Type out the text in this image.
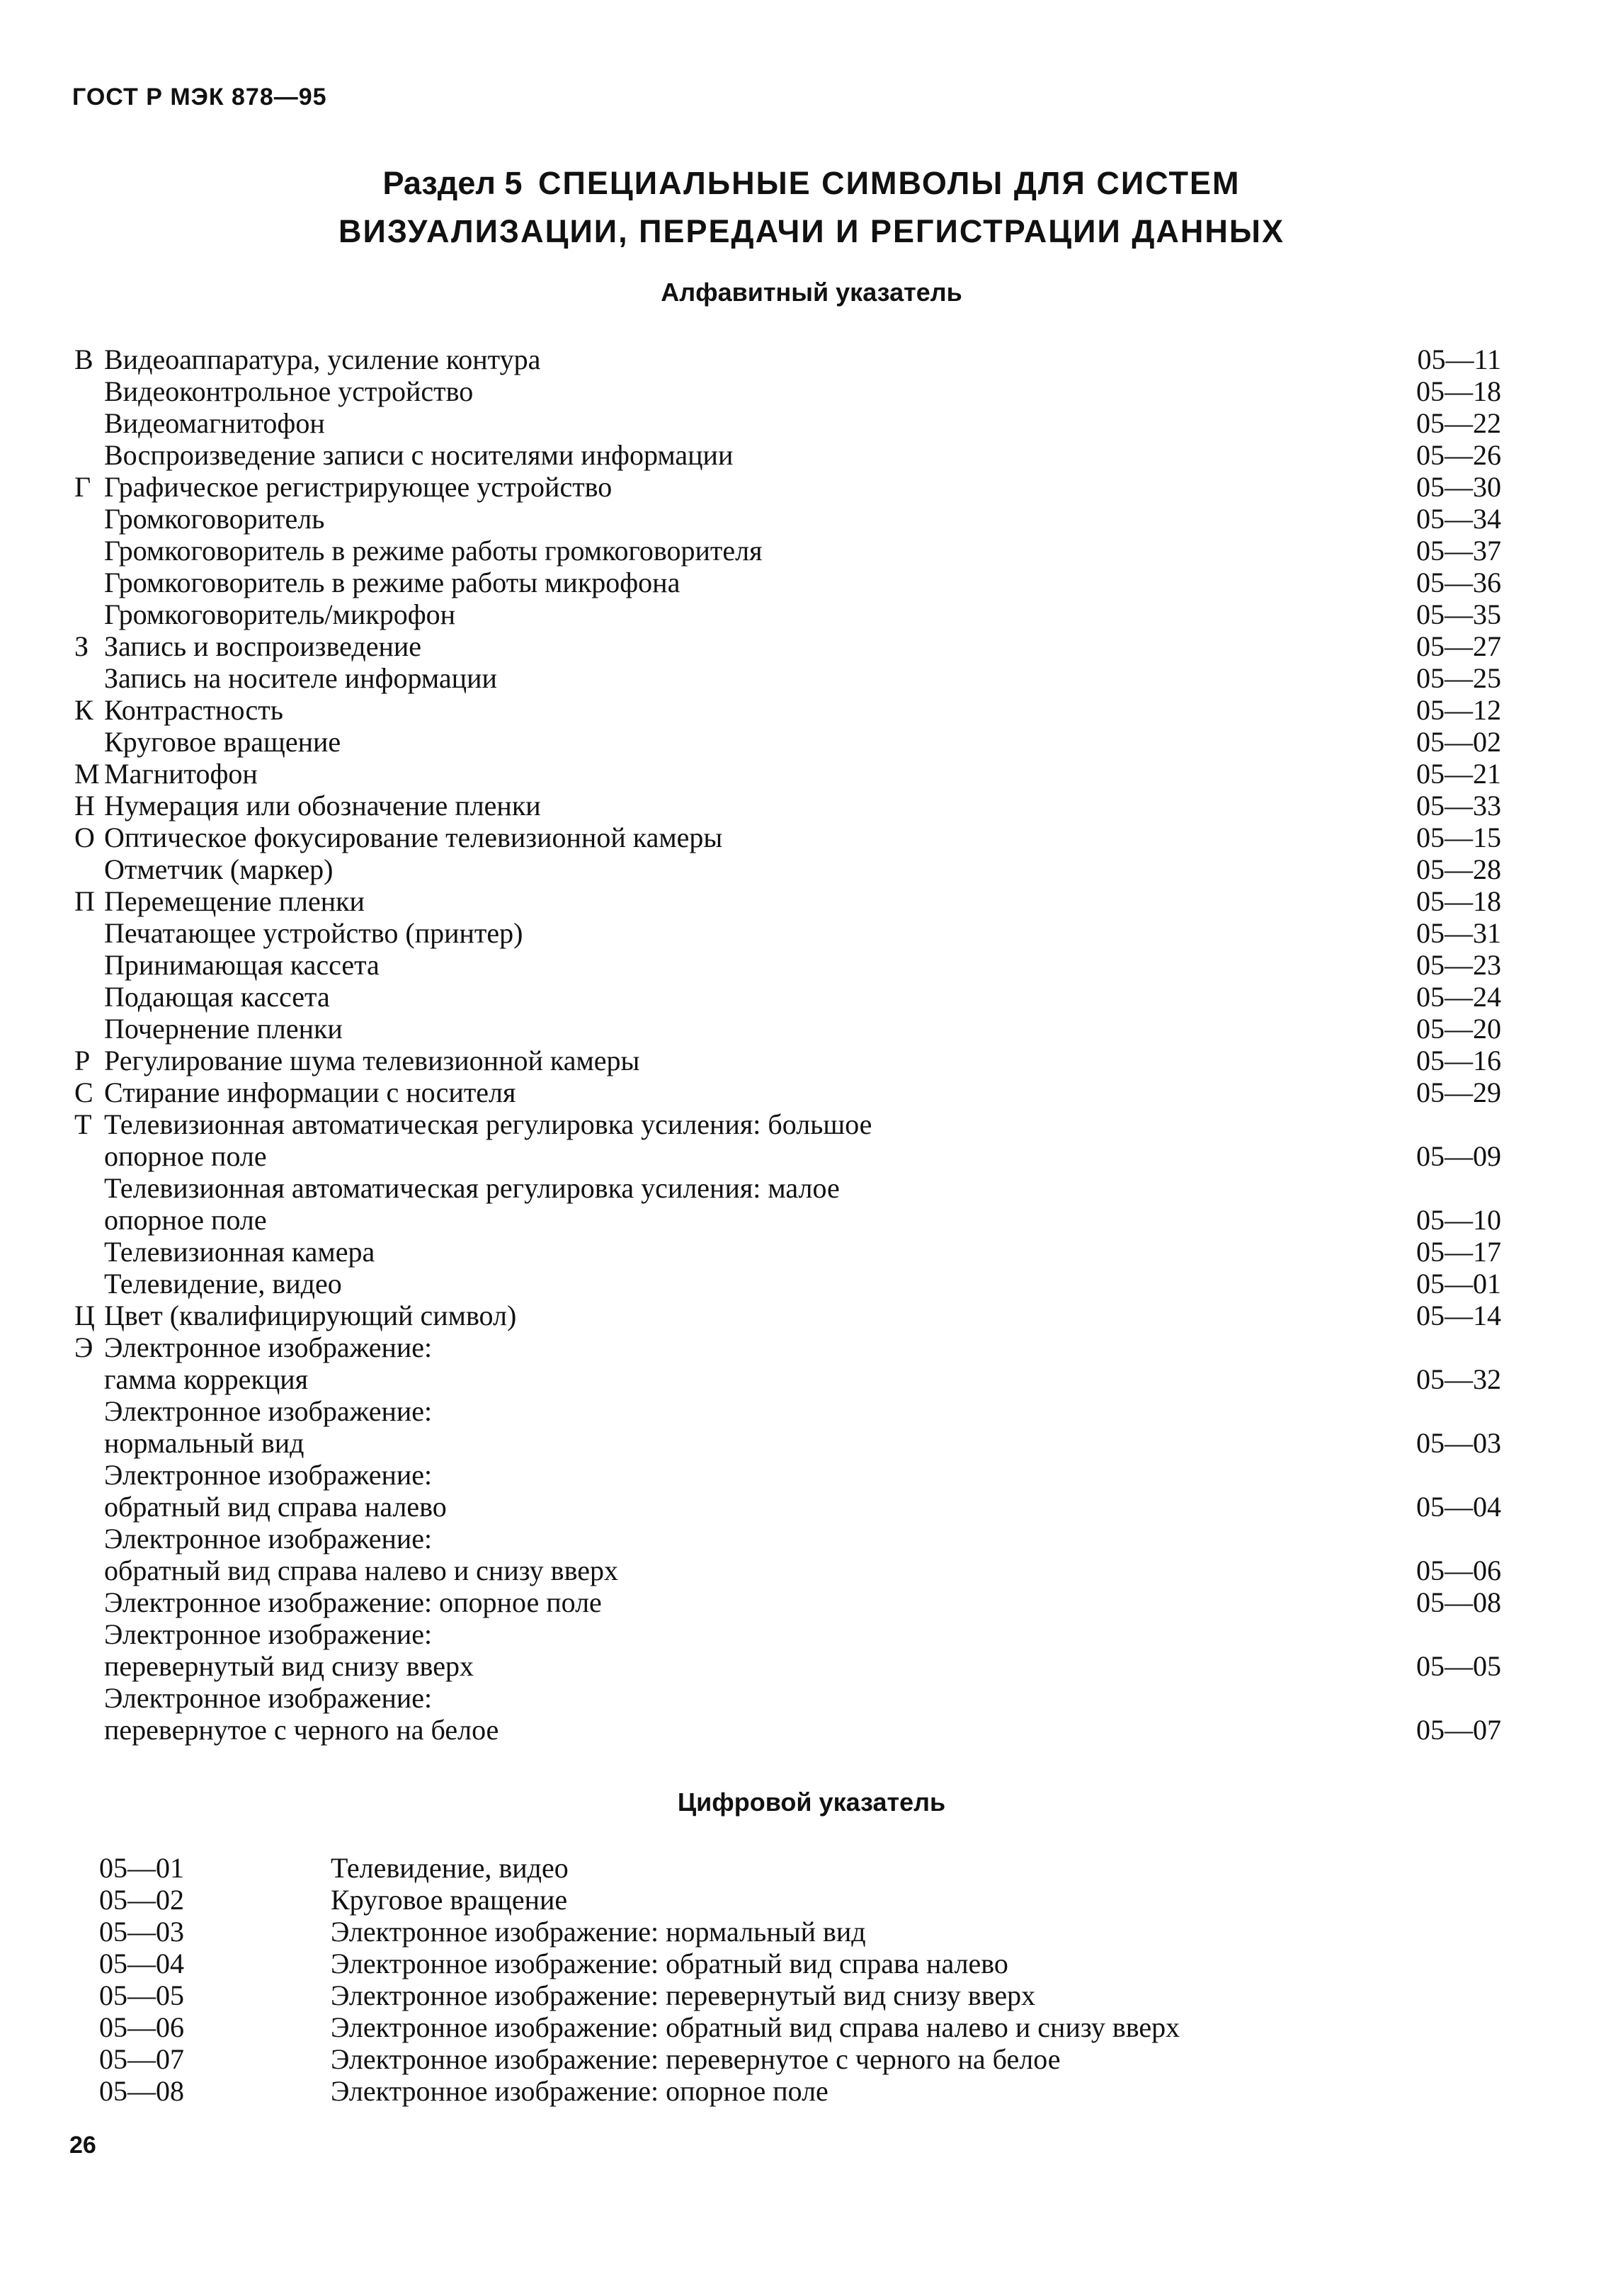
ГОСТ Р МЭК 878—95
Раздел 5 СПЕЦИАЛЬНЫЕ СИМВОЛЫ ДЛЯ СИСТЕМ
ВИЗУАЛИЗАЦИИ, ПЕРЕДАЧИ И РЕГИСТРАЦИИ ДАННЫХ
Алфавитный указатель
В Видеоаппаратура, усиление контура	05—11
Видеоконтрольное устройство	05—18
Видеомагнитофон	05—22
Воспроизведение записи с носителями информации	05—26
Г Графическое регистрирующее устройство	05—30
Громкоговоритель	05—34
Громкоговоритель в режиме работы громкоговорителя	05—37
Громкоговоритель в режиме работы микрофона	05—36
Громкоговоритель/микрофон	05—35
З Запись и воспроизведение	05—27
Запись на носителе информации	05—25
К Контрастность	05—12
Круговое вращение	05—02
М Магнитофон	05—21
Н Нумерация или обозначение пленки	05—33
О Оптическое фокусирование телевизионной камеры	05—15
Отметчик (маркер)	05—28
П Перемещение пленки	05—18
Печатающее устройство (принтер)	05—31
Принимающая кассета	05—23
Подающая кассета	05—24
Почернение пленки	05—20
Р Регулирование шума телевизионной камеры	05—16
С Стирание информации с носителя	05—29
Т Телевизионная автоматическая регулировка усиления: большое
опорное поле	05—09
Телевизионная автоматическая регулировка усиления: малое
опорное поле	05—10
Телевизионная камера	05—17
Телевидение, видео	05—01
Ц Цвет (квалифицирующий символ)	05—14
Э Электронное изображение:
гамма коррекция	05—32
Электронное изображение:
нормальный вид	05—03
Электронное изображение:
обратный вид справа налево	05—04
Электронное изображение:
обратный вид справа налево и снизу вверх	05—06
Электронное изображение: опорное поле	05—08
Электронное изображение:
перевернутый вид снизу вверх	05—05
Электронное изображение:
перевернутое с черного на белое	05—07
Цифровой указатель
05—01	Телевидение, видео
05—02	Круговое вращение
05—03	Электронное изображение: нормальный вид
05—04	Электронное изображение: обратный вид справа налево
05—05	Электронное изображение: перевернутый вид снизу вверх
05—06	Электронное изображение: обратный вид справа налево и снизу вверх
05—07	Электронное изображение: перевернутое с черного на белое
05—08	Электронное изображение: опорное поле
26
